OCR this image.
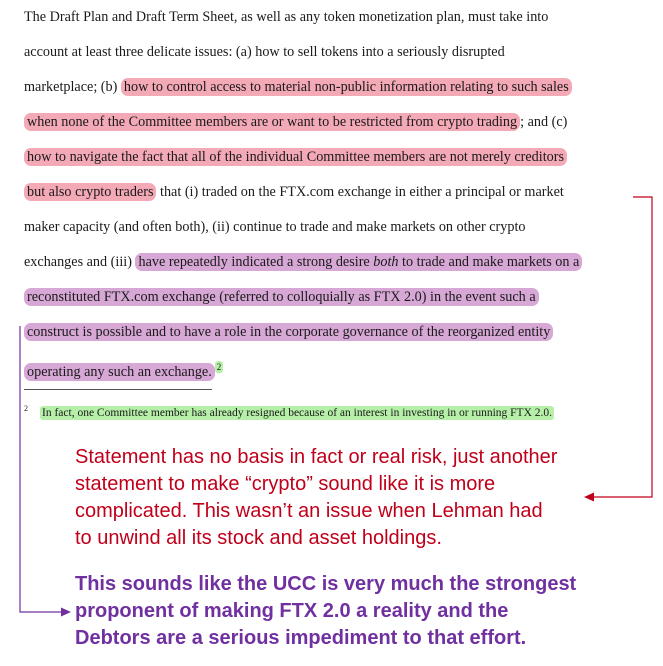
The Draft Plan and Draft Term Sheet, as well as any token monetization plan, must take into
account at least three delicate issues: (a) how to sell tokens into a seriously disrupted
marketplace; (b) how to control access to material non-public information relating to such sales
when none of the Committee members are or want to be restricted from crypto trading ; and (c)
how to navigate the fact that all of the individual Committee members are not merely creditors
but also crypto traders that (i) traded on the FTX.com exchange in either a principal or market
maker capacity (and often both), (ii) continue to trade and make markets on other crypto
exchanges and (iii) have repeatedly indicated a strong desire both to trade and make markets on a
reconstituted FTX.com exchange (referred to colloquially as FTX 2.0) in the event such a
construct is possible and to have a role in the corporate governance of the reorganized entity
operating any such an exchange. $^2$
$^2$ In fact, one Committee member has already resigned because of an interest in investing in or running FTX 2.0.
Statement has no basis in fact or real risk, just another
statement to make “crypto” sound like it is more
complicated. This wasn’t an issue when Lehman had
to unwind all its stock and asset holdings.
This sounds like the UCC is very much the strongest
proponent of making FTX 2.0 a reality and the
Debtors are a serious impediment to that effort.
